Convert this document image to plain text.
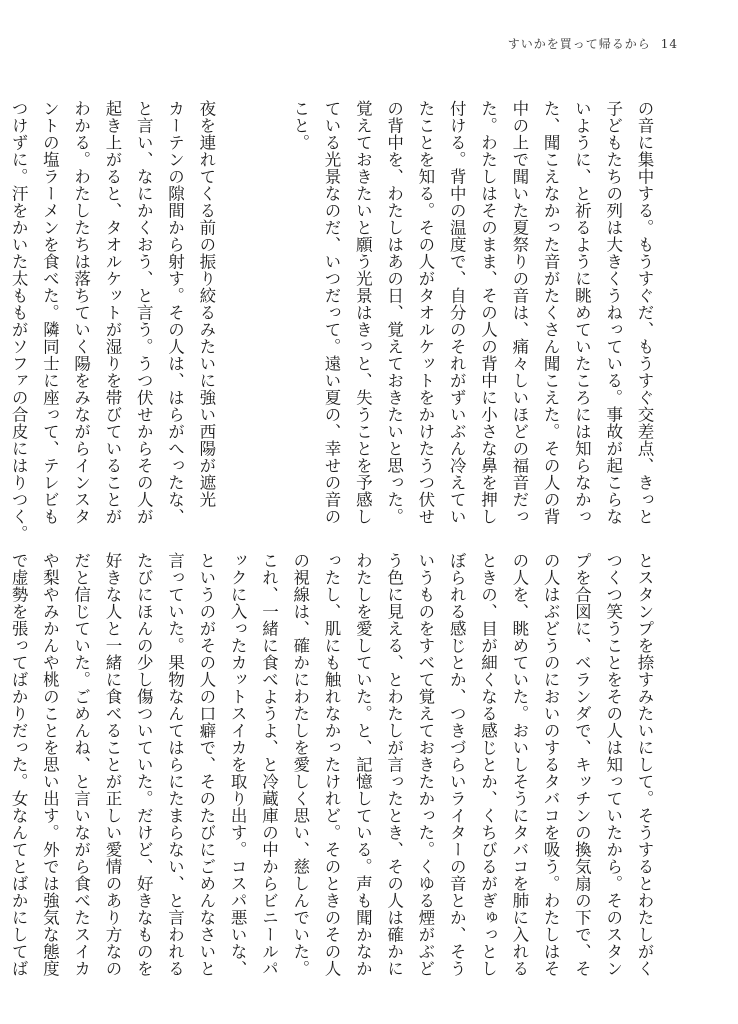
すいかを買って帰るから 14
の音に集中する。もうすぐだ、もうすぐ交差点、きっと
子どもたちの列は大きくうねっている。事故が起こらな
いように、と祈るように眺めていたころには知らなかっ
た、聞こえなかった音がたくさん聞こえた。その人の背
中の上で聞いた夏祭りの音は、痛々しいほどの福音だっ
た。わたしはそのまま、その人の背中に小さな鼻を押し
付ける。背中の温度で、自分のそれがずいぶん冷えてい
たことを知る。その人がタオルケットをかけたうつ伏せ
の背中を、わたしはあの日、覚えておきたいと思った。
覚えておきたいと願う光景はきっと、失うことを予感し
ている光景なのだ、いつだって。遠い夏の、幸せの音の
こと。

夜を連れてくる前の振り絞るみたいに強い西陽が遮光
カーテンの隙間から射す。その人は、はらがへったな、
と言い、なにかくおう、と言う。うつ伏せからその人が
起き上がると、タオルケットが湿りを帯びていることが
わかる。わたしたちは落ちていく陽をみながらインスタ
ントの塩ラーメンを食べた。隣同士に座って、テレビも
つけずに。汗をかいた太ももがソファの合皮にはりつく。
とスタンプを捺すみたいにして。そうするとわたしがく
つくつ笑うことをその人は知っていたから。そのスタン
プを合図に、ベランダで、キッチンの換気扇の下で、そ
の人はぶどうのにおいのするタバコを吸う。わたしはそ
の人を、眺めていた。おいしそうにタバコを肺に入れる
ときの、目が細くなる感じとか、くちびるがぎゅっとし
ぼられる感じとか、つきづらいライターの音とか、そう
いうものをすべて覚えておきたかった。くゆる煙がぶど
う色に見える、とわたしが言ったとき、その人は確かに
わたしを愛していた。と、記憶している。声も聞かなか
ったし、肌にも触れなかったけれど。そのときのその人
の視線は、確かにわたしを愛しく思い、慈しんでいた。
これ、一緒に食べようよ、と冷蔵庫の中からビニールパ
ックに入ったカットスイカを取り出す。コスパ悪いな、
というのがその人の口癖で、そのたびにごめんなさいと
言っていた。果物なんてはらにたまらない、と言われる
たびにほんの少し傷ついていた。だけど、好きなものを
好きな人と一緒に食べることが正しい愛情のあり方なの
だと信じていた。ごめんね、と言いながら食べたスイカ
や梨やみかんや桃のことを思い出す。外では強気な態度
で虚勢を張ってばかりだった。女なんてとばかにしてば
